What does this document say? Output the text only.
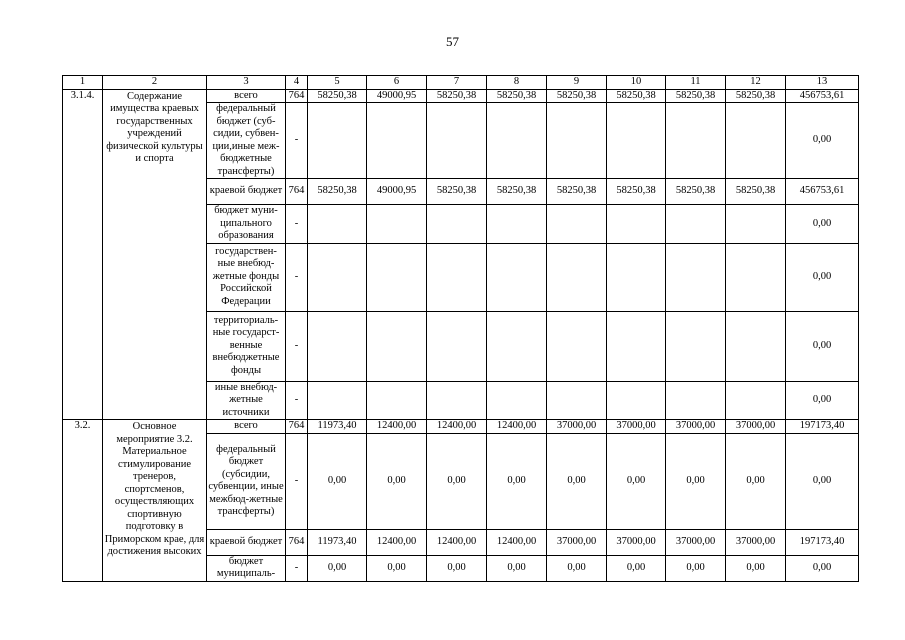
57
1	2	3	4	5	6	7	8	9	10	11	12	13
3.1.4.	Содержание имущества краевых государственных учреждений физической культуры и спорта	всего	764	58250,38	49000,95	58250,38	58250,38	58250,38	58250,38	58250,38	58250,38	456753,61
		федеральный бюджет (суб-сидии, субвен-ции,иные меж-бюджетные трансферты)	-									0,00
		краевой бюджет	764	58250,38	49000,95	58250,38	58250,38	58250,38	58250,38	58250,38	58250,38	456753,61
		бюджет муни-ципального образования	-									0,00
		государствен-ные внебюд-жетные фонды Российской Федерации	-									0,00
		территориаль-ные государст-венные внебюджетные фонды	-									0,00
		иные внебюд-жетные источники	-									0,00
3.2.	Основное мероприятие 3.2. Материальное стимулирование тренеров, спортсменов, осуществляющих спортивную подготовку в Приморском крае, для достижения высоких	всего	764	11973,40	12400,00	12400,00	12400,00	37000,00	37000,00	37000,00	37000,00	197173,40
		федеральный бюджет (субсидии, субвенции, иные межбюд-жетные трансферты)	-	0,00	0,00	0,00	0,00	0,00	0,00	0,00	0,00	0,00
		краевой бюджет	764	11973,40	12400,00	12400,00	12400,00	37000,00	37000,00	37000,00	37000,00	197173,40
		бюджет муниципаль-	-	0,00	0,00	0,00	0,00	0,00	0,00	0,00	0,00	0,00
